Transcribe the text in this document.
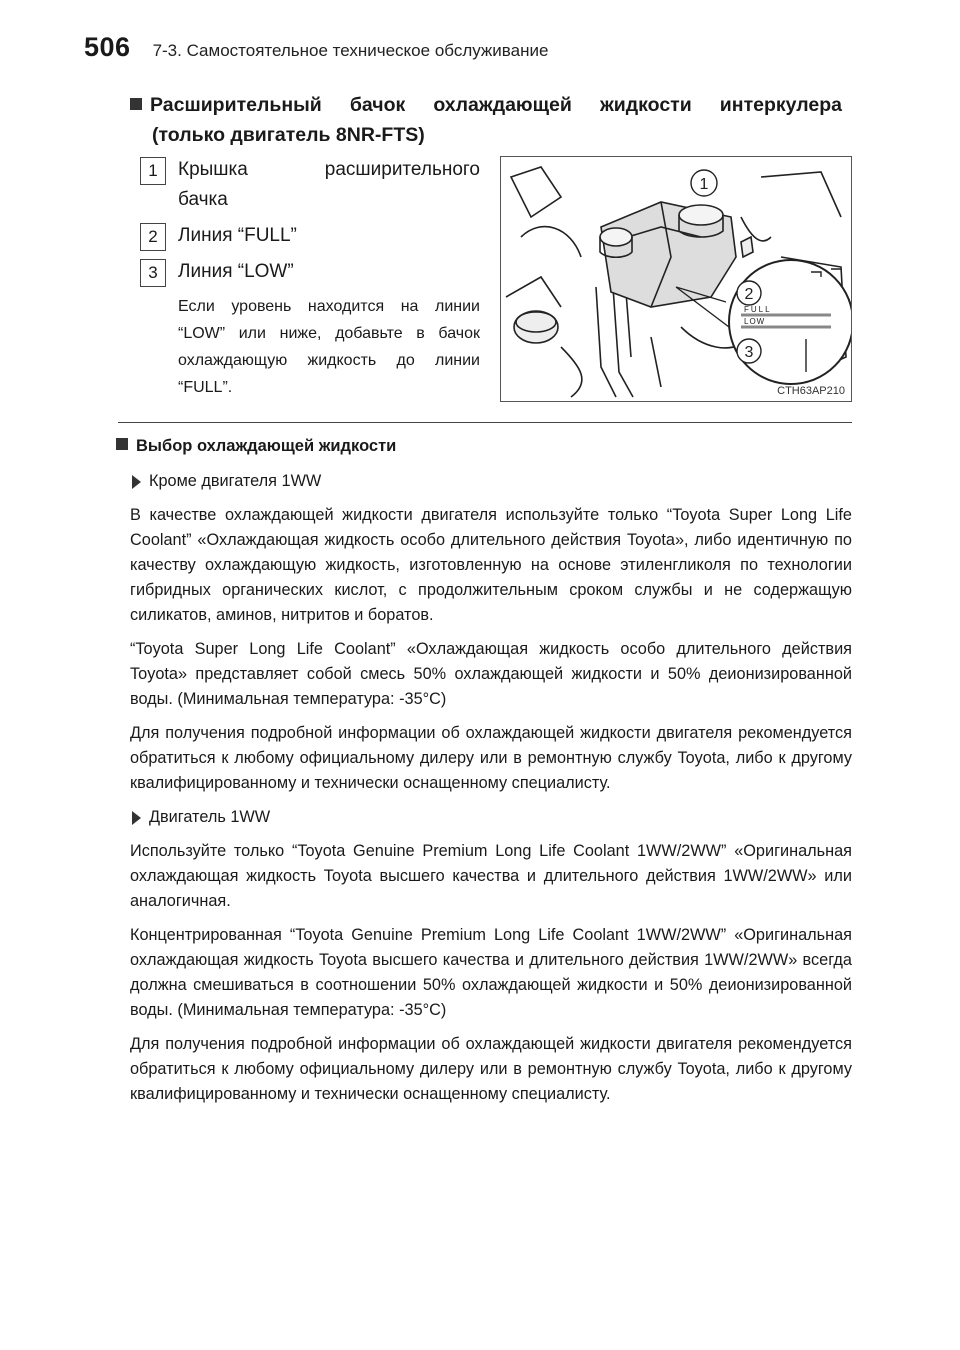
506 7-3. Самостоятельное техническое обслуживание
Расширительный бачок охлаждающей жидкости интеркулера
(только двигатель 8NR-FTS)
1	Крышка	расширительного
бачка
2	Линия “FULL”
3	Линия “LOW”
Если уровень находится на линии “LOW” или ниже, добавьте в бачок охлаждающую жидкость до линии “FULL”.
FULL
LOW
1
2
3
CTH63AP210
Выбор охлаждающей жидкости
Кроме двигателя 1WW
В качестве охлаждающей жидкости двигателя используйте только “Toyota Super Long Life Coolant” «Охлаждающая жидкость особо длительного действия Toyota», либо идентичную по качеству охлаждающую жидкость, изготовленную на основе этиленгликоля по технологии гибридных органических кислот, с продолжительным сроком службы и не содержащую силикатов, аминов, нитритов и боратов.
“Toyota Super Long Life Coolant” «Охлаждающая жидкость особо длительного действия Toyota» представляет собой смесь 50% охлаждающей жидкости и 50% деионизированной воды. (Минимальная температура: -35°C)
Для получения подробной информации об охлаждающей жидкости двигателя рекомендуется обратиться к любому официальному дилеру или в ремонтную службу Toyota, либо к другому квалифицированному и технически оснащенному специалисту.
Двигатель 1WW
Используйте только “Toyota Genuine Premium Long Life Coolant 1WW/2WW” «Оригинальная охлаждающая жидкость Toyota высшего качества и длительного действия 1WW/2WW» или аналогичная.
Концентрированная “Toyota Genuine Premium Long Life Coolant 1WW/2WW” «Оригинальная охлаждающая жидкость Toyota высшего качества и длительного действия 1WW/2WW» всегда должна смешиваться в соотношении 50% охлаждающей жидкости и 50% деионизированной воды. (Минимальная температура: -35°C)
Для получения подробной информации об охлаждающей жидкости двигателя рекомендуется обратиться к любому официальному дилеру или в ремонтную службу Toyota, либо к другому квалифицированному и технически оснащенному специалисту.
